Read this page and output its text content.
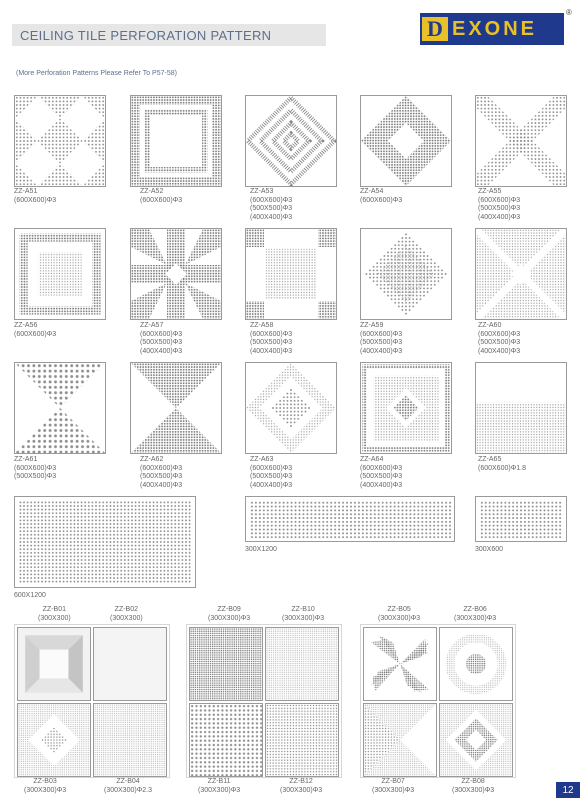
CEILING TILE PERFORATION PATTERN	D EXONE
®
(More Perforation Patterns Please Refer To P57-58)
ZZ-A51
(600X600)Φ3
ZZ-A52
(600X600)Φ3
ZZ-A53
(600X600)Φ3
(500X500)Φ3
(400X400)Φ3
ZZ-A54
(600X600)Φ3
ZZ-A55
(600X600)Φ3
(500X500)Φ3
(400X400)Φ3
ZZ-A56
(600X600)Φ3
ZZ-A57
(600X600)Φ3
(500X500)Φ3
(400X400)Φ3
ZZ-A58
(600X600)Φ3
(500X500)Φ3
(400X400)Φ3
ZZ-A59
(600X600)Φ3
(500X500)Φ3
(400X400)Φ3
ZZ-A60
(600X600)Φ3
(500X500)Φ3
(400X400)Φ3
ZZ-A61
(600X600)Φ3
(500X500)Φ3
ZZ-A62
(600X600)Φ3
(500X500)Φ3
(400X400)Φ3
ZZ-A63
(600X600)Φ3
(500X500)Φ3
(400X400)Φ3
ZZ-A64
(600X600)Φ3
(500X500)Φ3
(400X400)Φ3
ZZ-A65
(600X600)Φ1.8
600X1200
300X1200	300X600
ZZ-B01
(300X300)
ZZ-B02
(300X300)
ZZ-B03
(300X300)Φ3
ZZ-B04
(300X300)Φ2.3
ZZ-B09
(300X300)Φ3
ZZ-B10
(300X300)Φ3
ZZ-B11
(300X300)Φ3
ZZ-B12
(300X300)Φ3
ZZ-B05
(300X300)Φ3
ZZ-B06
(300X300)Φ3
ZZ-B07
(300X300)Φ3
ZZ-B08
(300X300)Φ3	12
